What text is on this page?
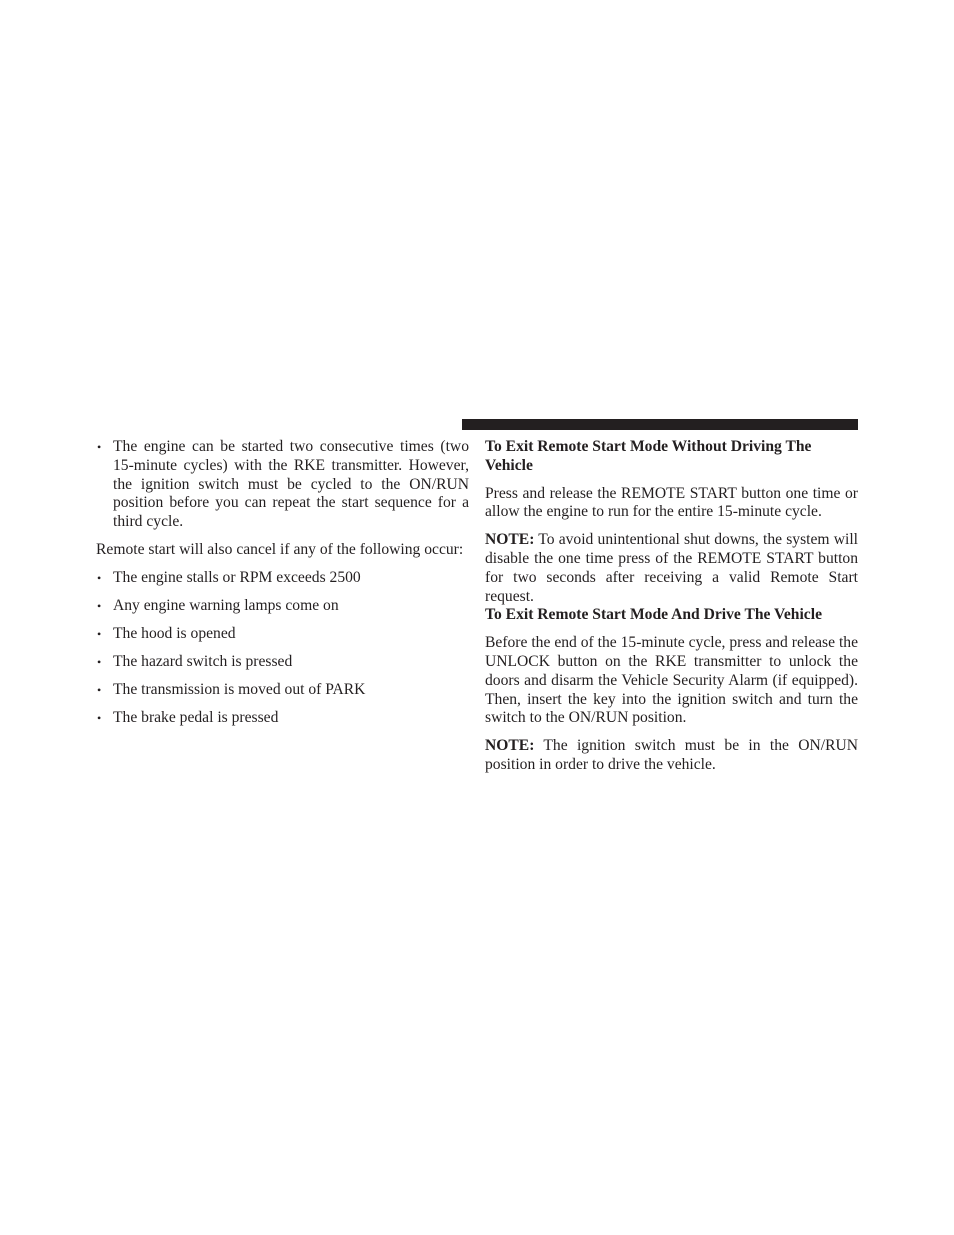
• The engine can be started two consecutive times (two 15-minute cycles) with the RKE transmitter. However, the ignition switch must be cycled to the ON/RUN position before you can repeat the start sequence for a third cycle.

Remote start will also cancel if any of the following occur:

• The engine stalls or RPM exceeds 2500
• Any engine warning lamps come on
• The hood is opened
• The hazard switch is pressed
• The transmission is moved out of PARK
• The brake pedal is pressed
To Exit Remote Start Mode Without Driving The Vehicle

Press and release the REMOTE START button one time or allow the engine to run for the entire 15-minute cycle.

NOTE: To avoid unintentional shut downs, the system will disable the one time press of the REMOTE START button for two seconds after receiving a valid Remote Start request.

To Exit Remote Start Mode And Drive The Vehicle

Before the end of the 15-minute cycle, press and release the UNLOCK button on the RKE transmitter to unlock the doors and disarm the Vehicle Security Alarm (if equipped). Then, insert the key into the ignition switch and turn the switch to the ON/RUN position.

NOTE: The ignition switch must be in the ON/RUN position in order to drive the vehicle.
